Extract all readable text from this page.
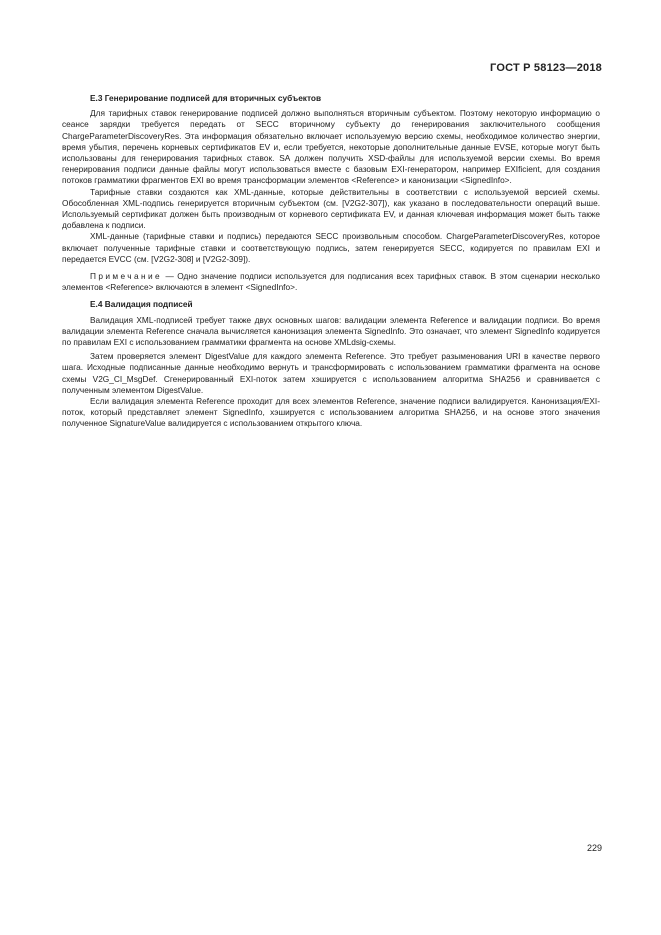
ГОСТ Р 58123—2018
Е.3 Генерирование подписей для вторичных субъектов

Для тарифных ставок генерирование подписей должно выполняться вторичным субъектом. Поэтому некоторую информацию о сеансе зарядки требуется передать от SECC вторичному субъекту до генерирования заключительного сообщения ChargeParameterDiscoveryRes. Эта информация обязательно включает используемую версию схемы, необходимое количество энергии, время убытия, перечень корневых сертификатов EV и, если требуется, некоторые дополнительные данные EVSE, которые могут быть использованы для генерирования тарифных ставок. SA должен получить XSD-файлы для используемой версии схемы. Во время генерирования подписи данные файлы могут использоваться вместе с базовым EXI-генератором, например EXIficient, для создания потоков грамматики фрагментов EXI во время трансформации элементов <Reference> и канонизации <SignedInfo>.

Тарифные ставки создаются как XML-данные, которые действительны в соответствии с используемой версией схемы. Обособленная XML-подпись генерируется вторичным субъектом (см. [V2G2-307]), как указано в последовательности операций выше. Используемый сертификат должен быть производным от корневого сертификата EV, и данная ключевая информация может быть также добавлена к подписи.

XML-данные (тарифные ставки и подпись) передаются SECC произвольным способом. ChargeParameterDiscoveryRes, которое включает полученные тарифные ставки и соответствующую подпись, затем генерируется SECC, кодируется по правилам EXI и передается EVCC (см. [V2G2-308] и [V2G2-309]).

Примечание — Одно значение подписи используется для подписания всех тарифных ставок. В этом сценарии несколько элементов <Reference> включаются в элемент <SignedInfo>.

Е.4 Валидация подписей

Валидация XML-подписей требует также двух основных шагов: валидации элемента Reference и валидации подписи. Во время валидации элемента Reference сначала вычисляется канонизация элемента SignedInfo. Это означает, что элемент SignedInfo кодируется по правилам EXI с использованием грамматики фрагмента на основе XMLdsig-схемы.

Затем проверяется элемент DigestValue для каждого элемента Reference. Это требует разыменования URI в качестве первого шага. Исходные подписанные данные необходимо вернуть и трансформировать с использованием грамматики фрагмента на основе схемы V2G_CI_MsgDef. Сгенерированный EXI-поток затем хэшируется с использованием алгоритма SHA256 и сравнивается с полученным элементом DigestValue.

Если валидация элемента Reference проходит для всех элементов Reference, значение подписи валидируется. Канонизация/EXI-поток, который представляет элемент SignedInfo, хэшируется с использованием алгоритма SHA256, и на основе этого значения полученное SignatureValue валидируется с использованием открытого ключа.

229
